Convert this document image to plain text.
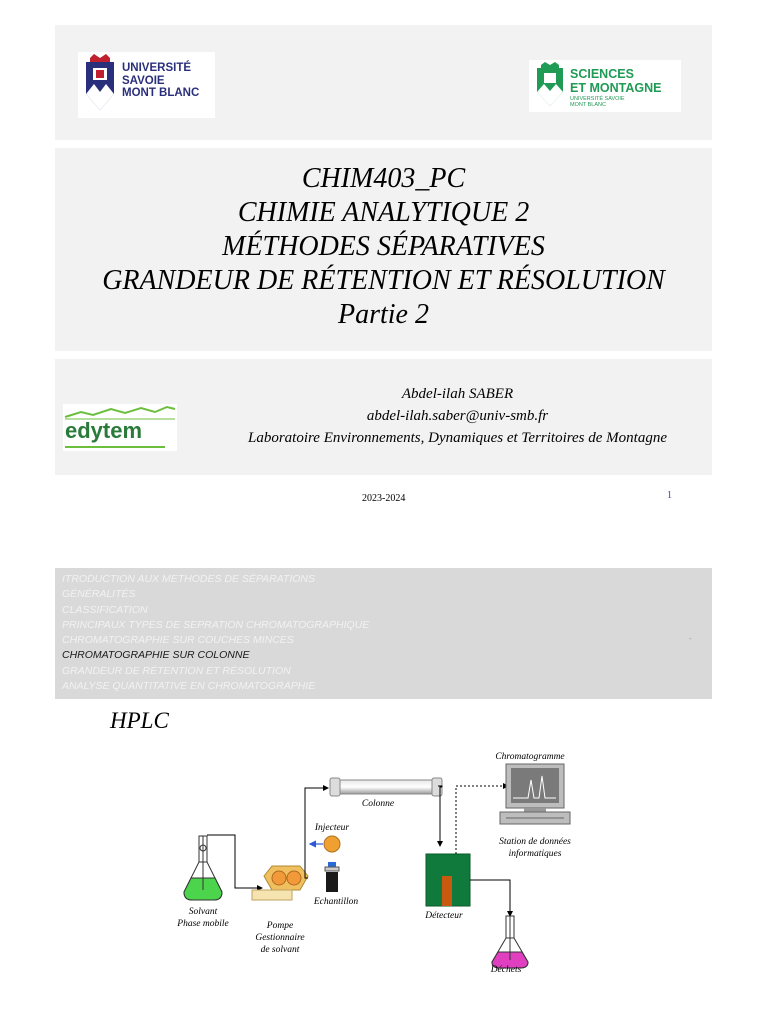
UNIVERSITÉ
SAVOIE
MONT BLANC
SCIENCES
ET MONTAGNE
UNIVERSITÉ SAVOIE
MONT BLANC
CHIM403_PC
CHIMIE ANALYTIQUE 2
MÉTHODES SÉPARATIVES
GRANDEUR DE RÉTENTION ET RÉSOLUTION
Partie 2
edytem
Abdel-ilah SABER
abdel-ilah.saber@univ-smb.fr
Laboratoire Environnements, Dynamiques et Territoires de Montagne
2023-2024	1
ITRODUCTION AUX METHODES DE SÉPARATIONS
GÉNÉRALITÉS
CLASSIFICATION
PRINCIPAUX TYPES DE SEPRATION CHROMATOGRAPHIQUE
CHROMATOGRAPHIE SUR COUCHES MINCES
CHROMATOGRAPHIE SUR COLONNE
GRANDEUR DE RÉTENTION ET RÉSOLUTION
ANALYSE QUANTITATIVE EN CHROMATOGRAPHIE
-
HPLC
Solvant
Phase mobile	Pompe
Gestionnaire
de solvant
Injecteur
Echantillon
Colonne
Détecteur
Chromatogramme
Station de données
informatiques
Déchets
